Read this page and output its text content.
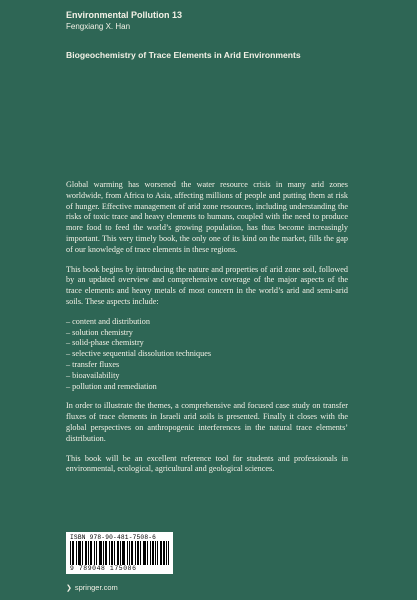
Environmental Pollution 13
Fengxiang X. Han
Biogeochemistry of Trace Elements in Arid Environments

Global warming has worsened the water resource crisis in many arid zones worldwide, from Africa to Asia, affecting millions of people and putting them at risk of hunger. Effective management of arid zone resources, including understanding the risks of toxic trace and heavy elements to humans, coupled with the need to produce more food to feed the world’s growing population, has thus become increasingly important. This very timely book, the only one of its kind on the market, fills the gap of our knowledge of trace elements in these regions.

This book begins by introducing the nature and properties of arid zone soil, followed by an updated overview and comprehensive coverage of the major aspects of the trace elements and heavy metals of most concern in the world’s arid and semi-arid soils. These aspects include:

– content and distribution
– solution chemistry
– solid-phase chemistry
– selective sequential dissolution techniques
– transfer fluxes
– bioavailability
– pollution and remediation

In order to illustrate the themes, a comprehensive and focused case study on transfer fluxes of trace elements in Israeli arid soils is presented. Finally it closes with the global perspectives on anthropogenic interferences in the natural trace elements’ distribution.

This book will be an excellent reference tool for students and professionals in environmental, ecological, agricultural and geological sciences.

ISBN 978-90-481-7508-6
9 789048 175086
❯ springer.com
